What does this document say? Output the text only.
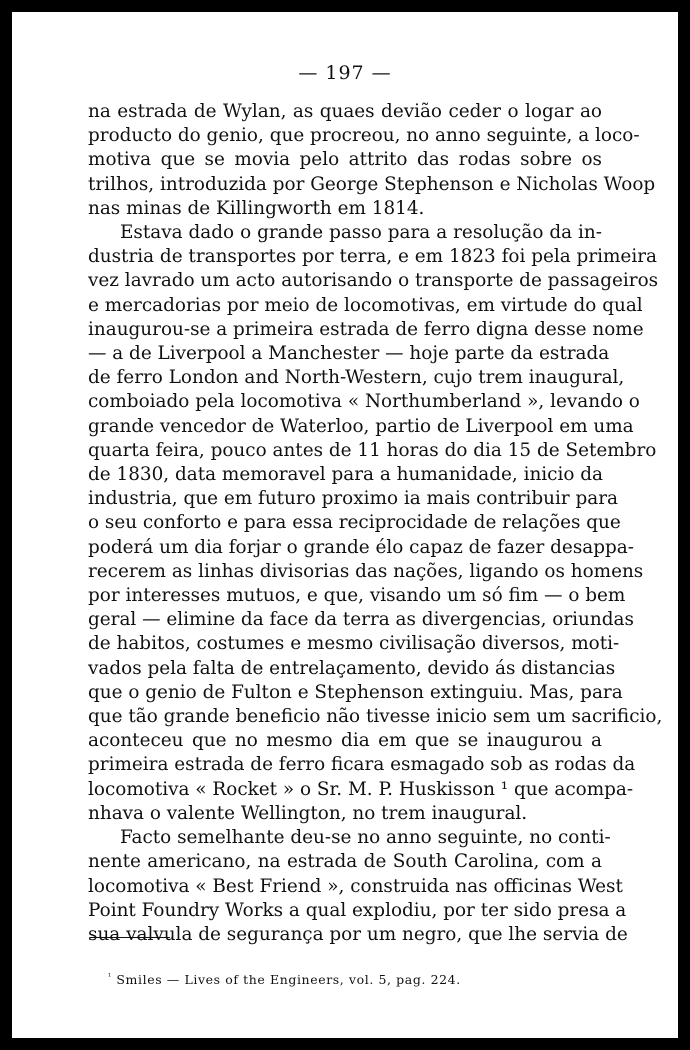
— 197 —
na estrada de Wylan, as quaes devião ceder o logar ao
producto do genio, que procreou, no anno seguinte, a loco-
motiva que se movia pelo attrito das rodas sobre os
trilhos, introduzida por George Stephenson e Nicholas Woop
nas minas de Killingworth em 1814.
Estava dado o grande passo para a resolução da in-
dustria de transportes por terra, e em 1823 foi pela primeira
vez lavrado um acto autorisando o transporte de passageiros
e mercadorias por meio de locomotivas, em virtude do qual
inaugurou-se a primeira estrada de ferro digna desse nome
— a de Liverpool a Manchester — hoje parte da estrada
de ferro London and North-Western, cujo trem inaugural,
comboiado pela locomotiva « Northumberland », levando o
grande vencedor de Waterloo, partio de Liverpool em uma
quarta feira, pouco antes de 11 horas do dia 15 de Setembro
de 1830, data memoravel para a humanidade, inicio da
industria, que em futuro proximo ia mais contribuir para
o seu conforto e para essa reciprocidade de relações que
poderá um dia forjar o grande élo capaz de fazer desappa-
recerem as linhas divisorias das nações, ligando os homens
por interesses mutuos, e que, visando um só fim — o bem
geral — elimine da face da terra as divergencias, oriundas
de habitos, costumes e mesmo civilisação diversos, moti-
vados pela falta de entrelaçamento, devido ás distancias
que o genio de Fulton e Stephenson extinguiu. Mas, para
que tão grande beneficio não tivesse inicio sem um sacrificio,
aconteceu que no mesmo dia em que se inaugurou a
primeira estrada de ferro ficara esmagado sob as rodas da
locomotiva « Rocket » o Sr. M. P. Huskisson ¹ que acompa-
nhava o valente Wellington, no trem inaugural.
Facto semelhante deu-se no anno seguinte, no conti-
nente americano, na estrada de South Carolina, com a
locomotiva « Best Friend », construida nas officinas West
Point Foundry Works a qual explodiu, por ter sido presa a
sua valvula de segurança por um negro, que lhe servia de
$^{^1}$ Smiles — Lives of the Engineers, vol. 5, pag. 224.
